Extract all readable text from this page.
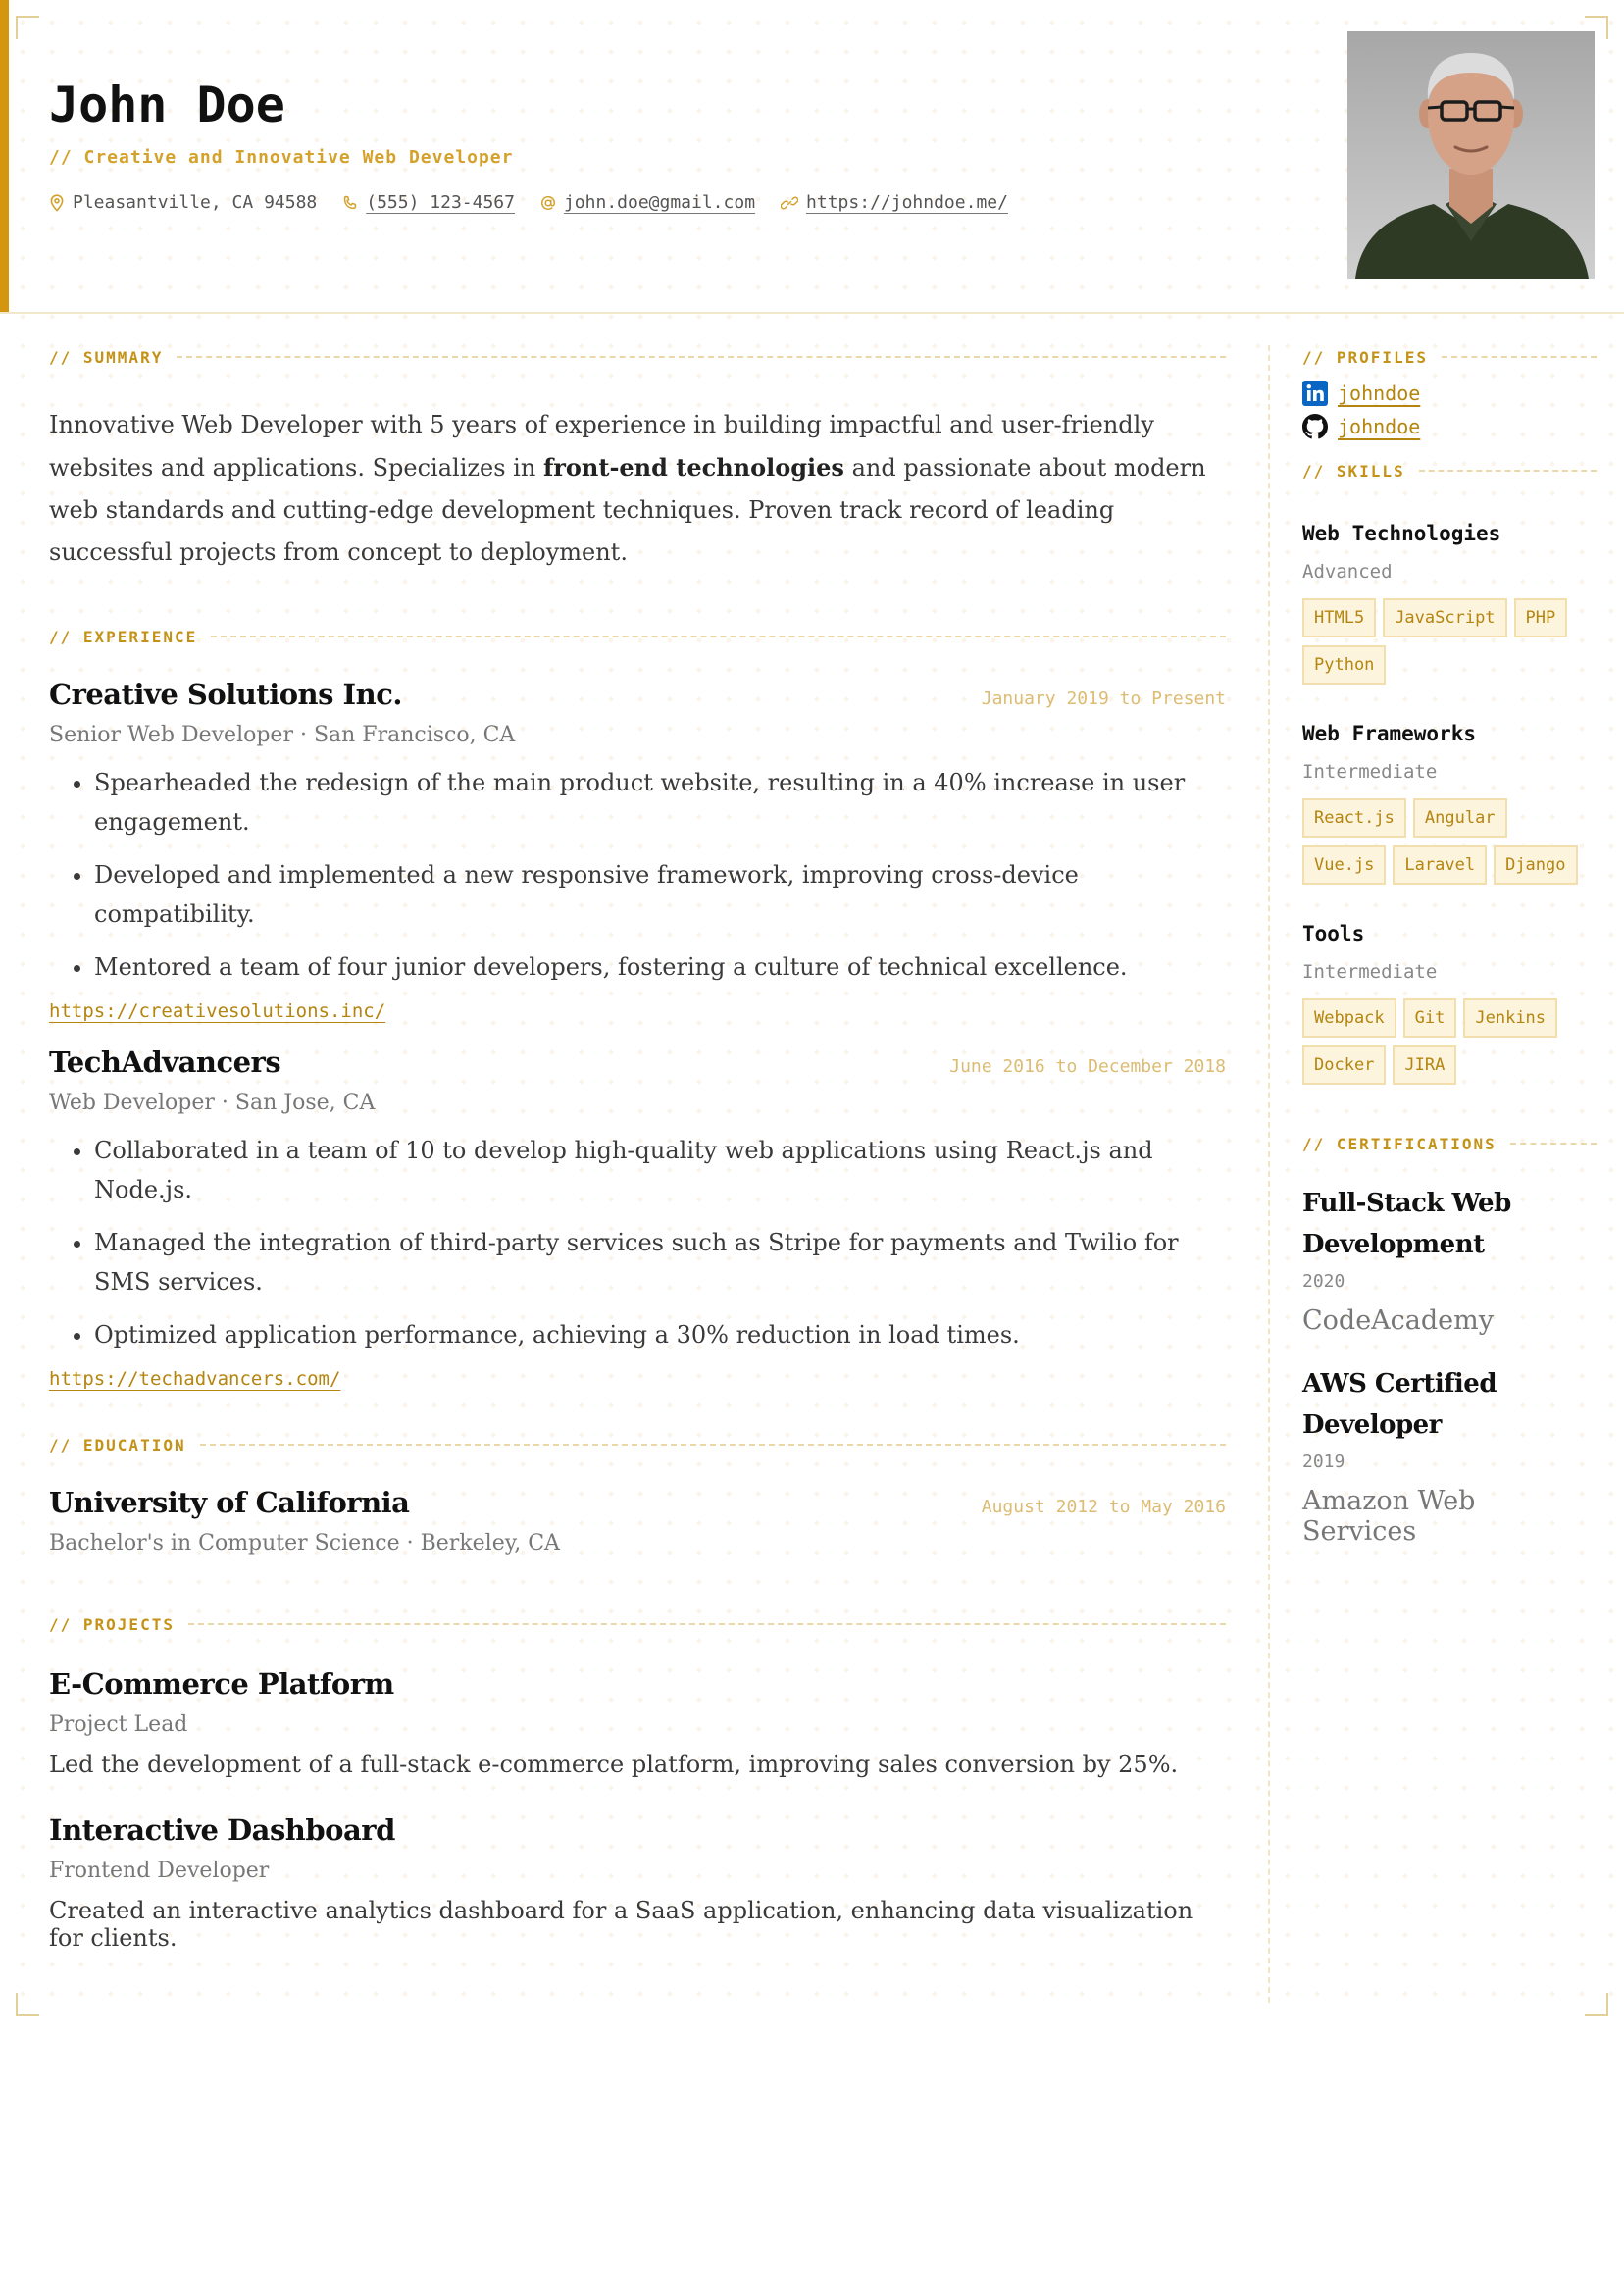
John Doe
// Creative and Innovative Web Developer
Pleasantville, CA 94588	(555) 123-4567	john.doe@gmail.com	https://johndoe.me/
// SUMMARY
Innovative Web Developer with 5 years of experience in building impactful and user-friendly websites and applications. Specializes in front-end technologies and passionate about modern web standards and cutting-edge development techniques. Proven track record of leading successful projects from concept to deployment.
// EXPERIENCE
Creative Solutions Inc.	January 2019 to Present
Senior Web Developer · San Francisco, CA
• Spearheaded the redesign of the main product website, resulting in a 40% increase in user engagement.
• Developed and implemented a new responsive framework, improving cross-device compatibility.
• Mentored a team of four junior developers, fostering a culture of technical excellence.
https://creativesolutions.inc/
TechAdvancers	June 2016 to December 2018
Web Developer · San Jose, CA
• Collaborated in a team of 10 to develop high-quality web applications using React.js and Node.js.
• Managed the integration of third-party services such as Stripe for payments and Twilio for SMS services.
• Optimized application performance, achieving a 30% reduction in load times.
https://techadvancers.com/
// EDUCATION
University of California	August 2012 to May 2016
Bachelor's in Computer Science · Berkeley, CA
// PROJECTS
E-Commerce Platform
Project Lead
Led the development of a full-stack e-commerce platform, improving sales conversion by 25%.
Interactive Dashboard
Frontend Developer
Created an interactive analytics dashboard for a SaaS application, enhancing data visualization for clients.
// PROFILES
johndoe
johndoe
// SKILLS
Web Technologies
Advanced
HTML5	JavaScript	PHP
Python
Web Frameworks
Intermediate
React.js	Angular
Vue.js	Laravel	Django
Tools
Intermediate
Webpack	Git	Jenkins
Docker	JIRA
// CERTIFICATIONS
Full-Stack Web Development
2020
CodeAcademy
AWS Certified Developer
2019
Amazon Web Services
